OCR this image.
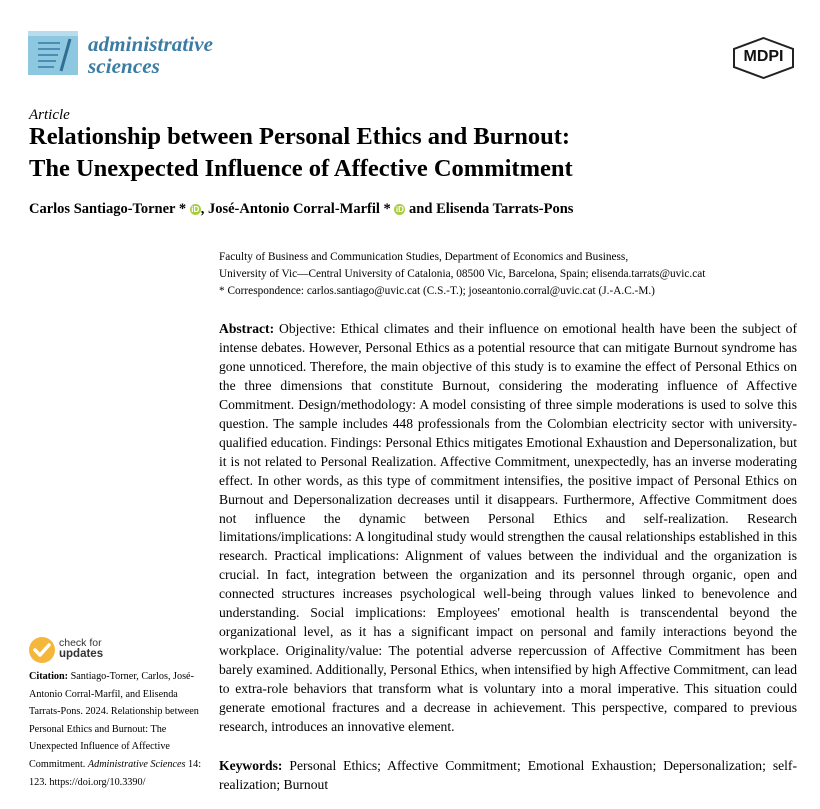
administrative
sciences	MDPI
Article
Relationship between Personal Ethics and Burnout:
The Unexpected Influence of Affective Commitment
Carlos Santiago-Torner * iD , José-Antonio Corral-Marfil * iD and Elisenda Tarrats-Pons

Faculty of Business and Communication Studies, Department of Economics and Business,

University of Vic—Central University of Catalonia, 08500 Vic, Barcelona, Spain; elisenda.tarrats@uvic.cat

* Correspondence: carlos.santiago@uvic.cat (C.S.-T.); joseantonio.corral@uvic.cat (J.-A.C.-M.)

Abstract: Objective: Ethical climates and their influence on emotional health have been the subject of intense debates. However, Personal Ethics as a potential resource that can mitigate Burnout syndrome has gone unnoticed. Therefore, the main objective of this study is to examine the effect of Personal Ethics on the three dimensions that constitute Burnout, considering the moderating influence of Affective Commitment. Design/methodology: A model consisting of three simple moderations is used to solve this question. The sample includes 448 professionals from the Colombian electricity sector with university-qualified education. Findings: Personal Ethics mitigates Emotional Exhaustion and Depersonalization, but it is not related to Personal Realization. Affective Commitment, unexpectedly, has an inverse moderating effect. In other words, as this type of commitment intensifies, the positive impact of Personal Ethics on Burnout and Depersonalization decreases until it disappears. Furthermore, Affective Commitment does not influence the dynamic between Personal Ethics and self-realization. Research limitations/implications: A longitudinal study would strengthen the causal relationships established in this research. Practical implications: Alignment of values between the individual and the organization is crucial. In fact, integration between the organization and its personnel through organic, open and connected structures increases psychological well-being through values linked to benevolence and understanding. Social implications: Employees' emotional health is transcendental beyond the organizational level, as it has a significant impact on personal and family interactions beyond the workplace. Originality/value: The potential adverse repercussion of Affective Commitment has been barely examined. Additionally, Personal Ethics, when intensified by high Affective Commitment, can lead to extra-role behaviors that transform what is voluntary into a moral imperative. This situation could generate emotional fractures and a decrease in achievement. This perspective, compared to previous research, introduces an innovative element.

Keywords: Personal Ethics; Affective Commitment; Emotional Exhaustion; Depersonalization; self-realization; Burnout

check for
updates

Citation: Santiago-Torner, Carlos, José-Antonio Corral-Marfil, and Elisenda Tarrats-Pons. 2024. Relationship between Personal Ethics and Burnout: The Unexpected Influence of Affective Commitment. Administrative Sciences 14: 123. https://doi.org/10.3390/
